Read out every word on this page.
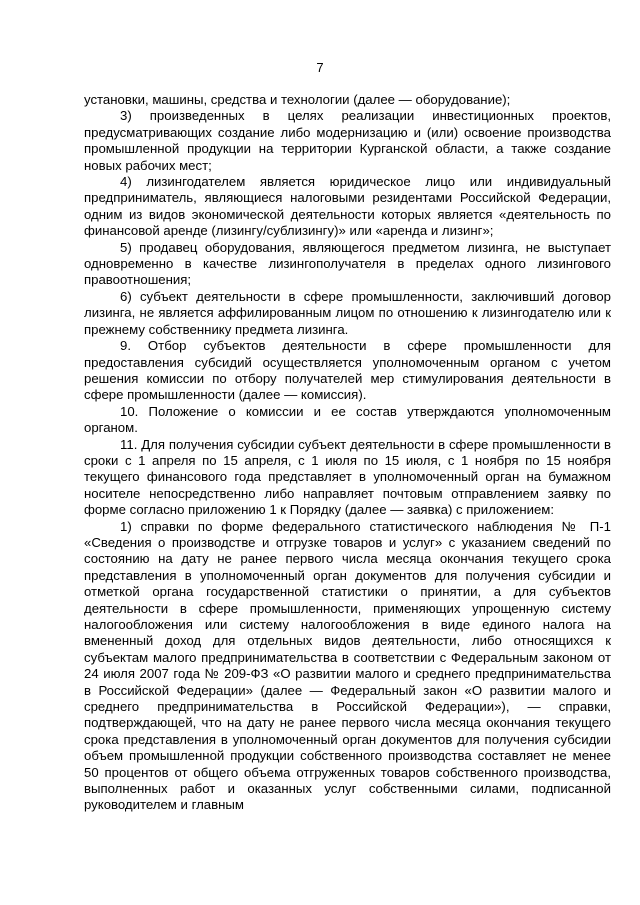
7

установки, машины, средства и технологии (далее — оборудование);

3) произведенных в целях реализации инвестиционных проектов, предусматривающих создание либо модернизацию и (или) освоение производства промышленной продукции на территории Курганской области, а также создание новых рабочих мест;

4) лизингодателем является юридическое лицо или индивидуальный предприниматель, являющиеся налоговыми резидентами Российской Федерации, одним из видов экономической деятельности которых является «деятельность по финансовой аренде (лизингу/сублизингу)» или «аренда и лизинг»;

5) продавец оборудования, являющегося предметом лизинга, не выступает одновременно в качестве лизингополучателя в пределах одного лизингового правоотношения;

6) субъект деятельности в сфере промышленности, заключивший договор лизинга, не является аффилированным лицом по отношению к лизингодателю или к прежнему собственнику предмета лизинга.

9. Отбор субъектов деятельности в сфере промышленности для предоставления субсидий осуществляется уполномоченным органом с учетом решения комиссии по отбору получателей мер стимулирования деятельности в сфере промышленности (далее — комиссия).

10. Положение о комиссии и ее состав утверждаются уполномоченным органом.

11. Для получения субсидии субъект деятельности в сфере промышленности в сроки с 1 апреля по 15 апреля, с 1 июля по 15 июля, с 1 ноября по 15 ноября текущего финансового года представляет в уполномоченный орган на бумажном носителе непосредственно либо направляет почтовым отправлением заявку по форме согласно приложению 1 к Порядку (далее — заявка) с приложением:

1) справки по форме федерального статистического наблюдения № П-1 «Сведения о производстве и отгрузке товаров и услуг» с указанием сведений по состоянию на дату не ранее первого числа месяца окончания текущего срока представления в уполномоченный орган документов для получения субсидии и отметкой органа государственной статистики о принятии, а для субъектов деятельности в сфере промышленности, применяющих упрощенную систему налогообложения или систему налогообложения в виде единого налога на вмененный доход для отдельных видов деятельности, либо относящихся к субъектам малого предпринимательства в соответствии с Федеральным законом от 24 июля 2007 года № 209-ФЗ «О развитии малого и среднего предпринимательства в Российской Федерации» (далее — Федеральный закон «О развитии малого и среднего предпринимательства в Российской Федерации»), — справки, подтверждающей, что на дату не ранее первого числа месяца окончания текущего срока представления в уполномоченный орган документов для получения субсидии объем промышленной продукции собственного производства составляет не менее 50 процентов от общего объема отгруженных товаров собственного производства, выполненных работ и оказанных услуг собственными силами, подписанной руководителем и главным
